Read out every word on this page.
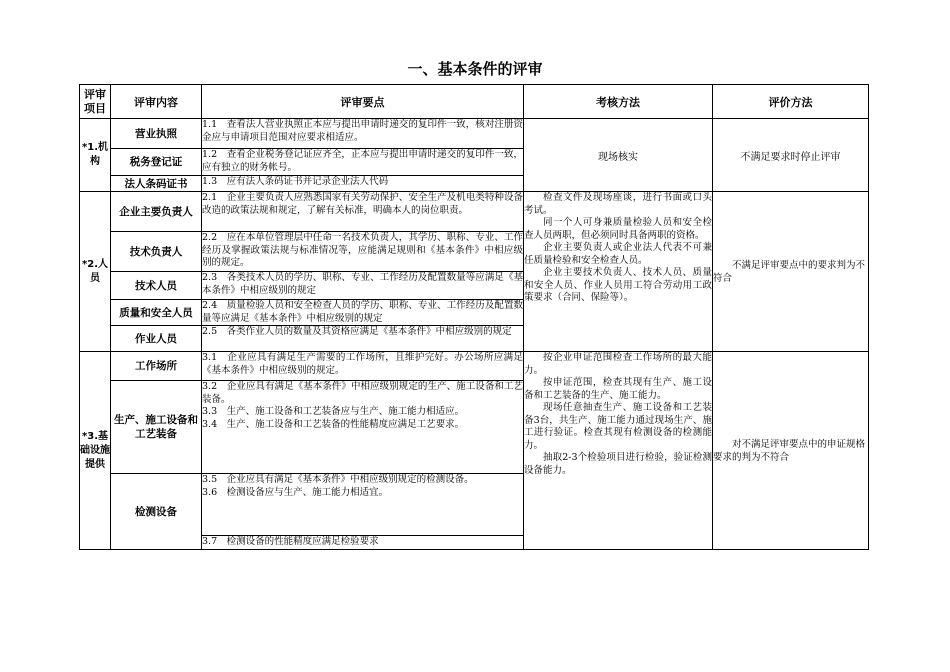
一、基本条件的评审
评审项目	评审内容	评审要点	考核方法	评价方法
*1.机构	营业执照	1.1　查看法人营业执照正本应与提出申请时递交的复印件一致，核对注册资金应与申请项目范围对应要求相适应。	现场核实	不满足要求时停止评审
	税务登记证	1.2　查看企业税务登记证应齐全，正本应与提出申请时递交的复印件一致，应有独立的财务帐号。		
	法人条码证书	1.3　应有法人条码证书并记录企业法人代码		
*2.人员	企业主要负责人	2.1　企业主要负责人应熟悉国家有关劳动保护、安全生产及机电类特种设备改造的政策法规和规定，了解有关标准，明确本人的岗位职责。	检查文件及现场座谈，进行书面或口头考试。

同一个人可身兼质量检验人员和安全检查人员两职，但必须同时具备两职的资格。

企业主要负责人或企业法人代表不可兼任质量检验和安全检查人员。

企业主要技术负责人、技术人员、质量和安全人员、作业人员用工符合劳动用工政策要求（合同、保险等）。	不满足评审要点中的要求判为不符合

	技术负责人	2.2　应在本单位管理层中任命一名技术负责人，其学历、职称、专业、工作经历及掌握政策法规与标准情况等，应能满足规则和《基本条件》中相应级别的规定。		
	技术人员	2.3　各类技术人员的学历、职称、专业、工作经历及配置数量等应满足《基本条件》中相应级别的规定		
	质量和安全人员	2.4　质量检验人员和安全检查人员的学历、职称、专业、工作经历及配置数量等应满足《基本条件》中相应级别的规定		
	作业人员	2.5　各类作业人员的数量及其资格应满足《基本条件》中相应级别的规定		
*3.基础设施提供	工作场所	3.1　企业应具有满足生产需要的工作场所，且维护完好。办公场所应满足《基本条件》中相应级别的规定。	按企业申证范围检查工作场所的最大能力。

按申证范围，检查其现有生产、施工设备和工艺装备的生产、施工能力。

现场任意抽查生产、施工设备和工艺装备3台，共生产、施工能力通过现场生产、施工进行验证。检查其现有检测设备的检测能力。

抽取2-3个检验项目进行检验，验证检测设备能力。	对不满足评审要点中的申证规格要求的判为不符合

	生产、施工设备和工艺装备	3.2　企业应具有满足《基本条件》中相应级别规定的生产、施工设备和工艺装备。
3.3　生产、施工设备和工艺装备应与生产、施工能力相适应。
3.4　生产、施工设备和工艺装备的性能精度应满足工艺要求。		

	检测设备	3.5　企业应具有满足《基本条件》中相应级别规定的检测设备。
3.6　检测设备应与生产、施工能力相适宜。		

		3.7　检测设备的性能精度应满足检验要求		
